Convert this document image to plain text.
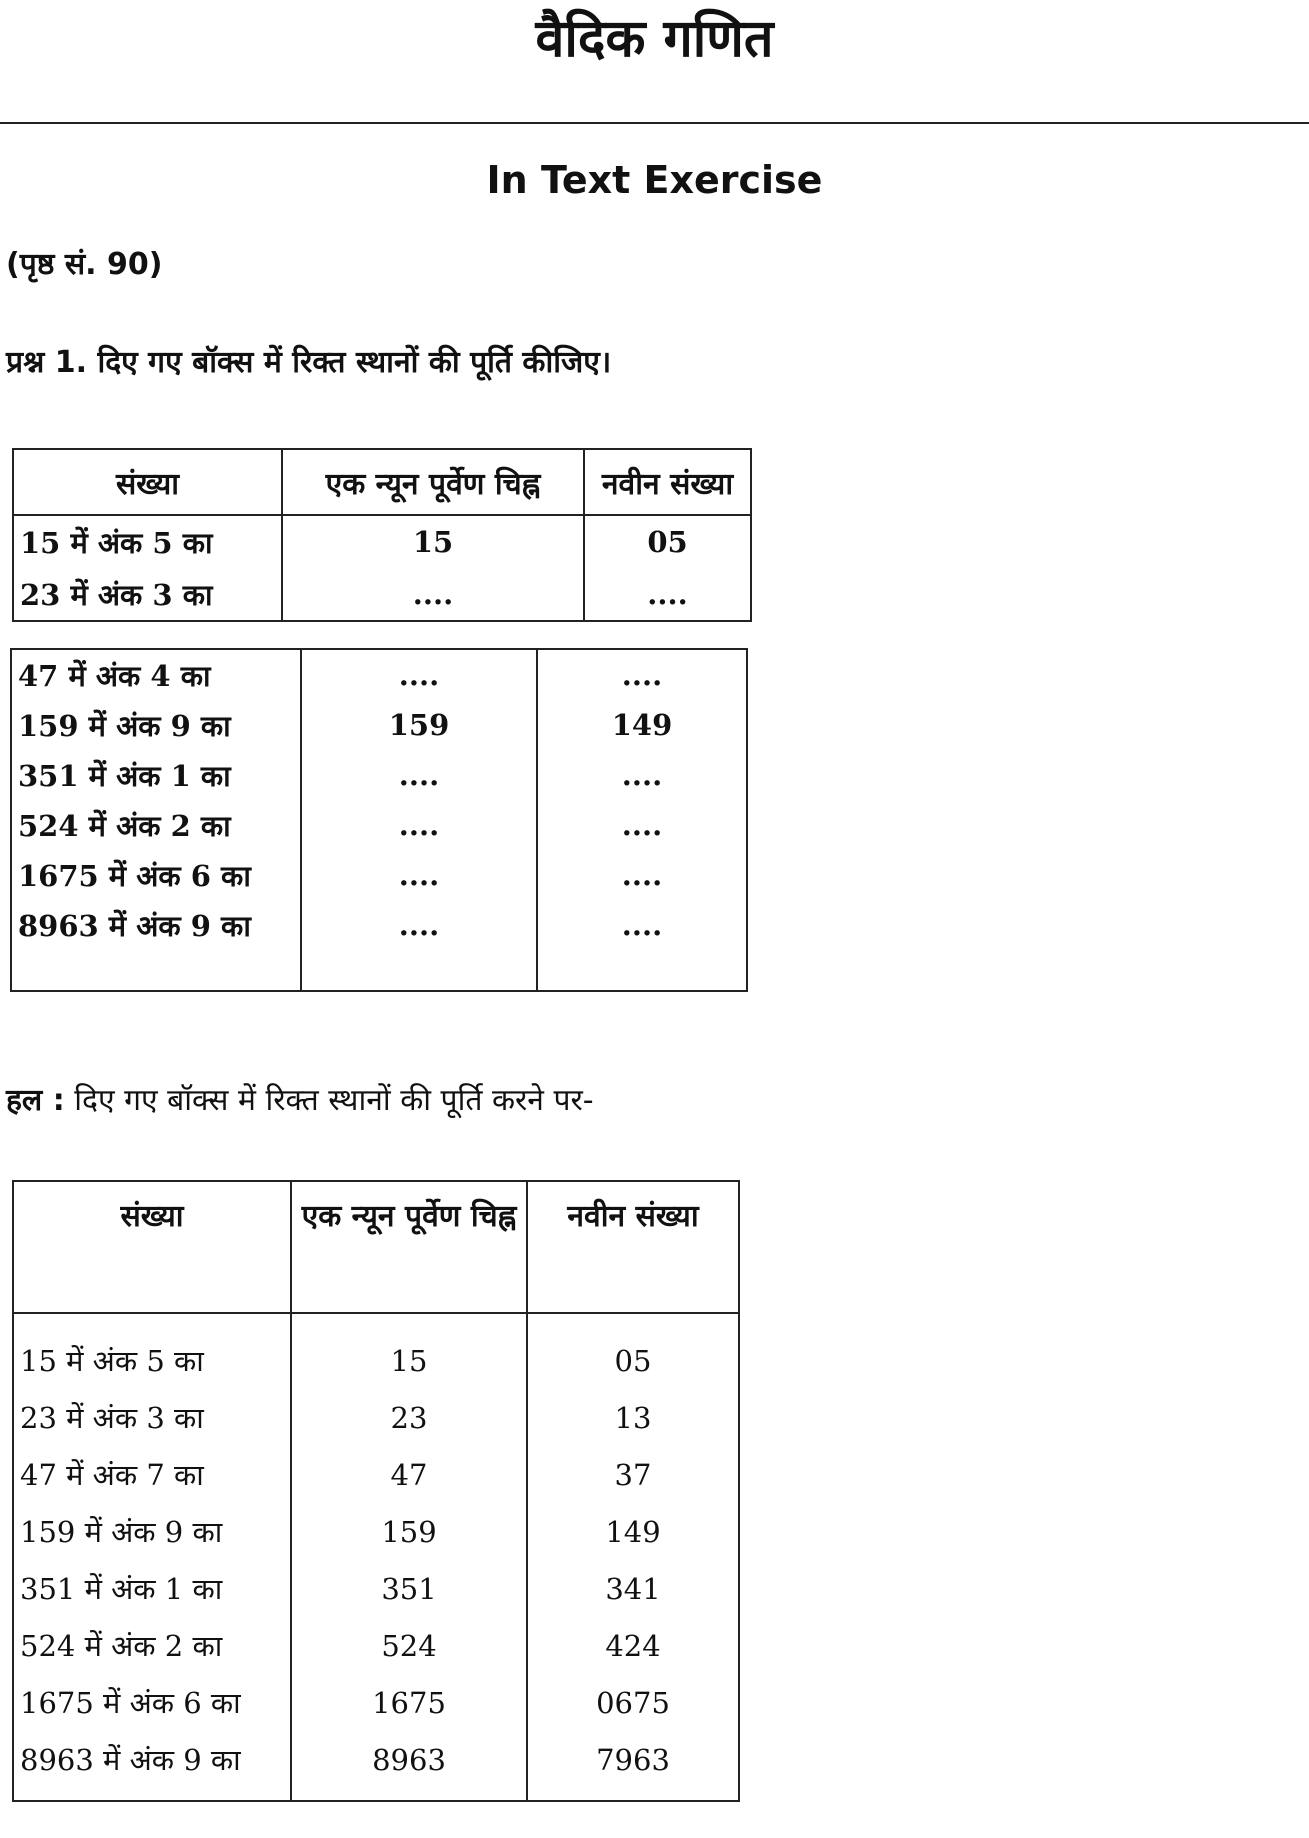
वैदिक गणित
In Text Exercise
(पृष्ठ सं. 90)
प्रश्न 1. दिए गए बॉक्स में रिक्त स्थानों की पूर्ति कीजिए।
संख्या	एक न्यून पूर्वेण चिह्न	नवीन संख्या
15 में अंक 5 का	15	05
23 में अंक 3 का	....	....
47 में अंक 4 का	....	....
159 में अंक 9 का	159	149
351 में अंक 1 का	....	....
524 में अंक 2 का	....	....
1675 में अंक 6 का	....	....
8963 में अंक 9 का	....	....

हल : दिए गए बॉक्स में रिक्त स्थानों की पूर्ति करने पर-
संख्या	एक न्यून पूर्वेण चिह्न	नवीन संख्या
15 में अंक 5 का	15	05
23 में अंक 3 का	23	13
47 में अंक 7 का	47	37
159 में अंक 9 का	159	149
351 में अंक 1 का	351	341
524 में अंक 2 का	524	424
1675 में अंक 6 का	1675	0675
8963 में अंक 9 का	8963	7963
